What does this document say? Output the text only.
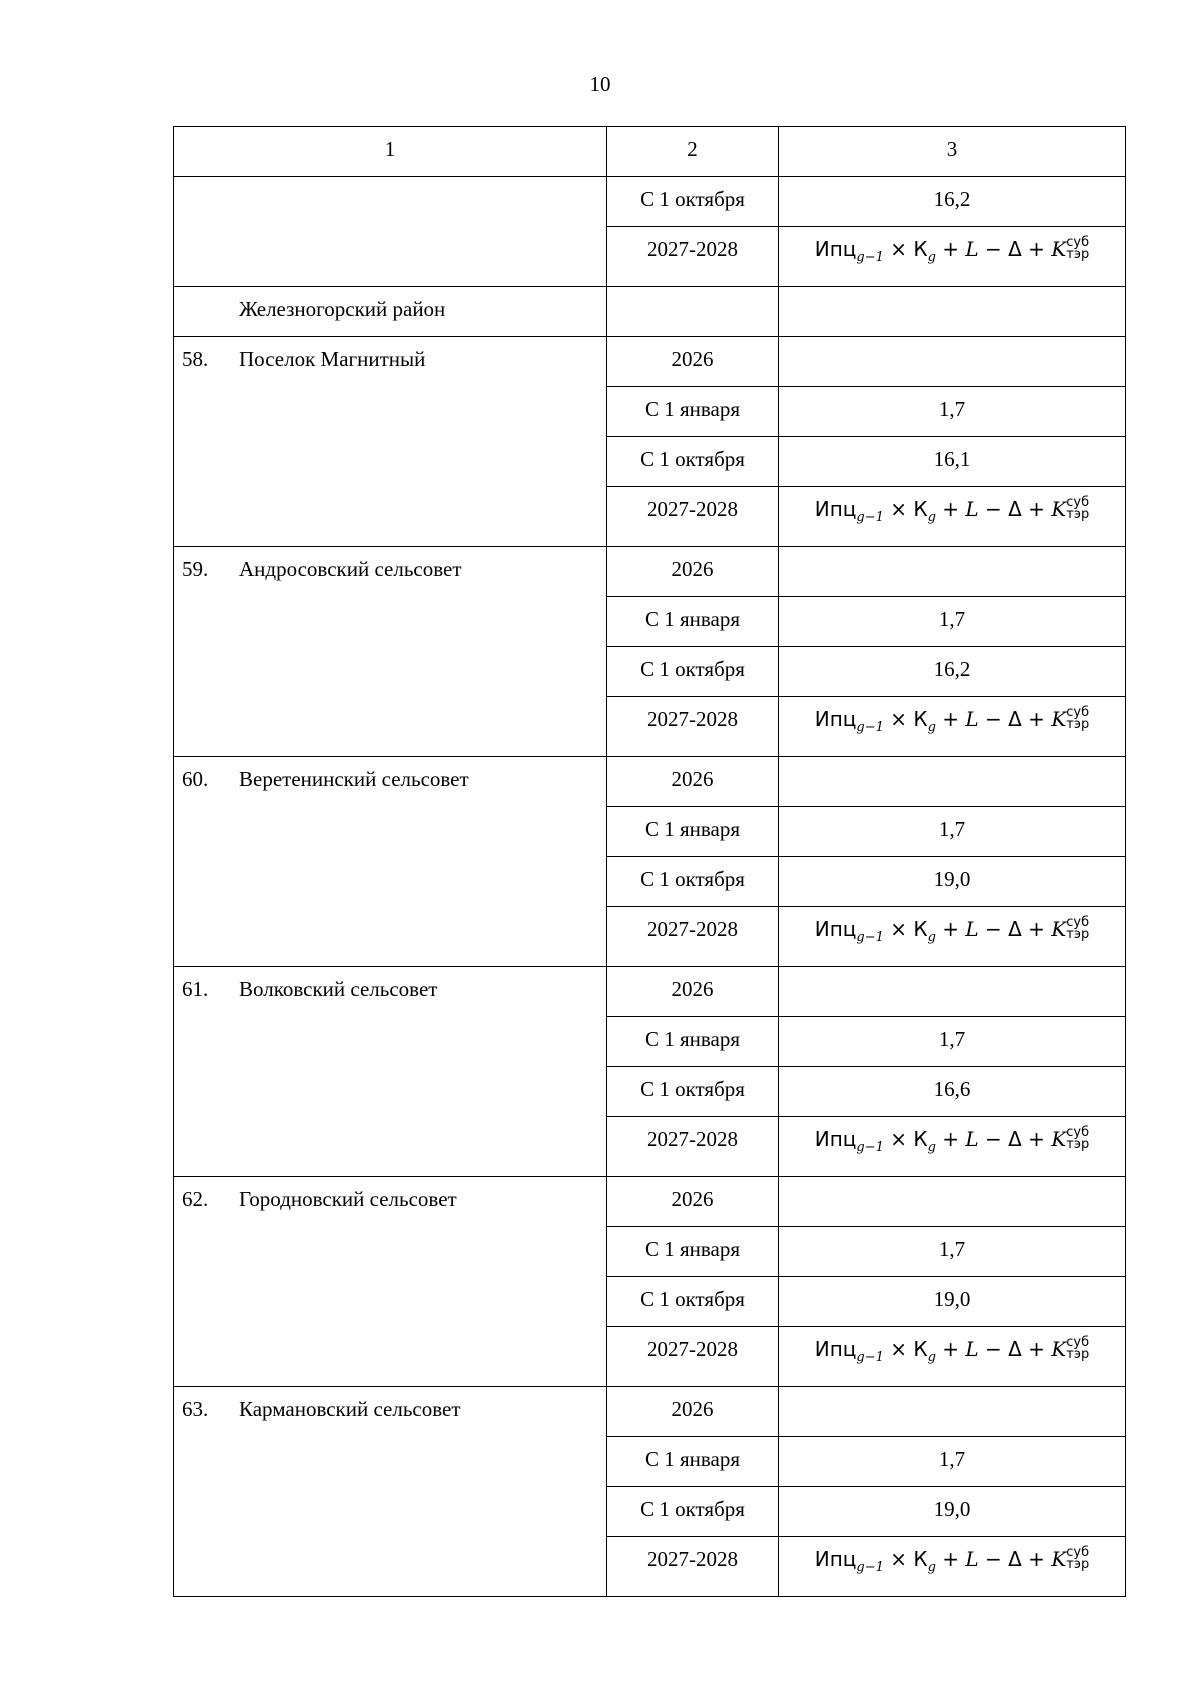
10
1	2	3
	С 1 октября	16,2
	2027-2028	$Ипц_{g-1} \times К_g + L - \Delta + K$ суб
тэр

Железногорский район		
58. Поселок Магнитный	2026	
	С 1 января	1,7
	С 1 октября	16,1
	2027-2028	$Ипц_{g-1} \times К_g + L - \Delta + K$ суб
тэр

59. Андросовский сельсовет	2026	
	С 1 января	1,7
	С 1 октября	16,2
	2027-2028	$Ипц_{g-1} \times К_g + L - \Delta + K$ суб
тэр

60. Веретенинский сельсовет	2026	
	С 1 января	1,7
	С 1 октября	19,0
	2027-2028	$Ипц_{g-1} \times К_g + L - \Delta + K$ суб
тэр

61. Волковский сельсовет	2026	
	С 1 января	1,7
	С 1 октября	16,6
	2027-2028	$Ипц_{g-1} \times К_g + L - \Delta + K$ суб
тэр

62. Городновский сельсовет	2026	
	С 1 января	1,7
	С 1 октября	19,0
	2027-2028	$Ипц_{g-1} \times К_g + L - \Delta + K$ суб
тэр

63. Кармановский сельсовет	2026	
	С 1 января	1,7
	С 1 октября	19,0
	2027-2028	$Ипц_{g-1} \times К_g + L - \Delta + K$ суб
тэр
